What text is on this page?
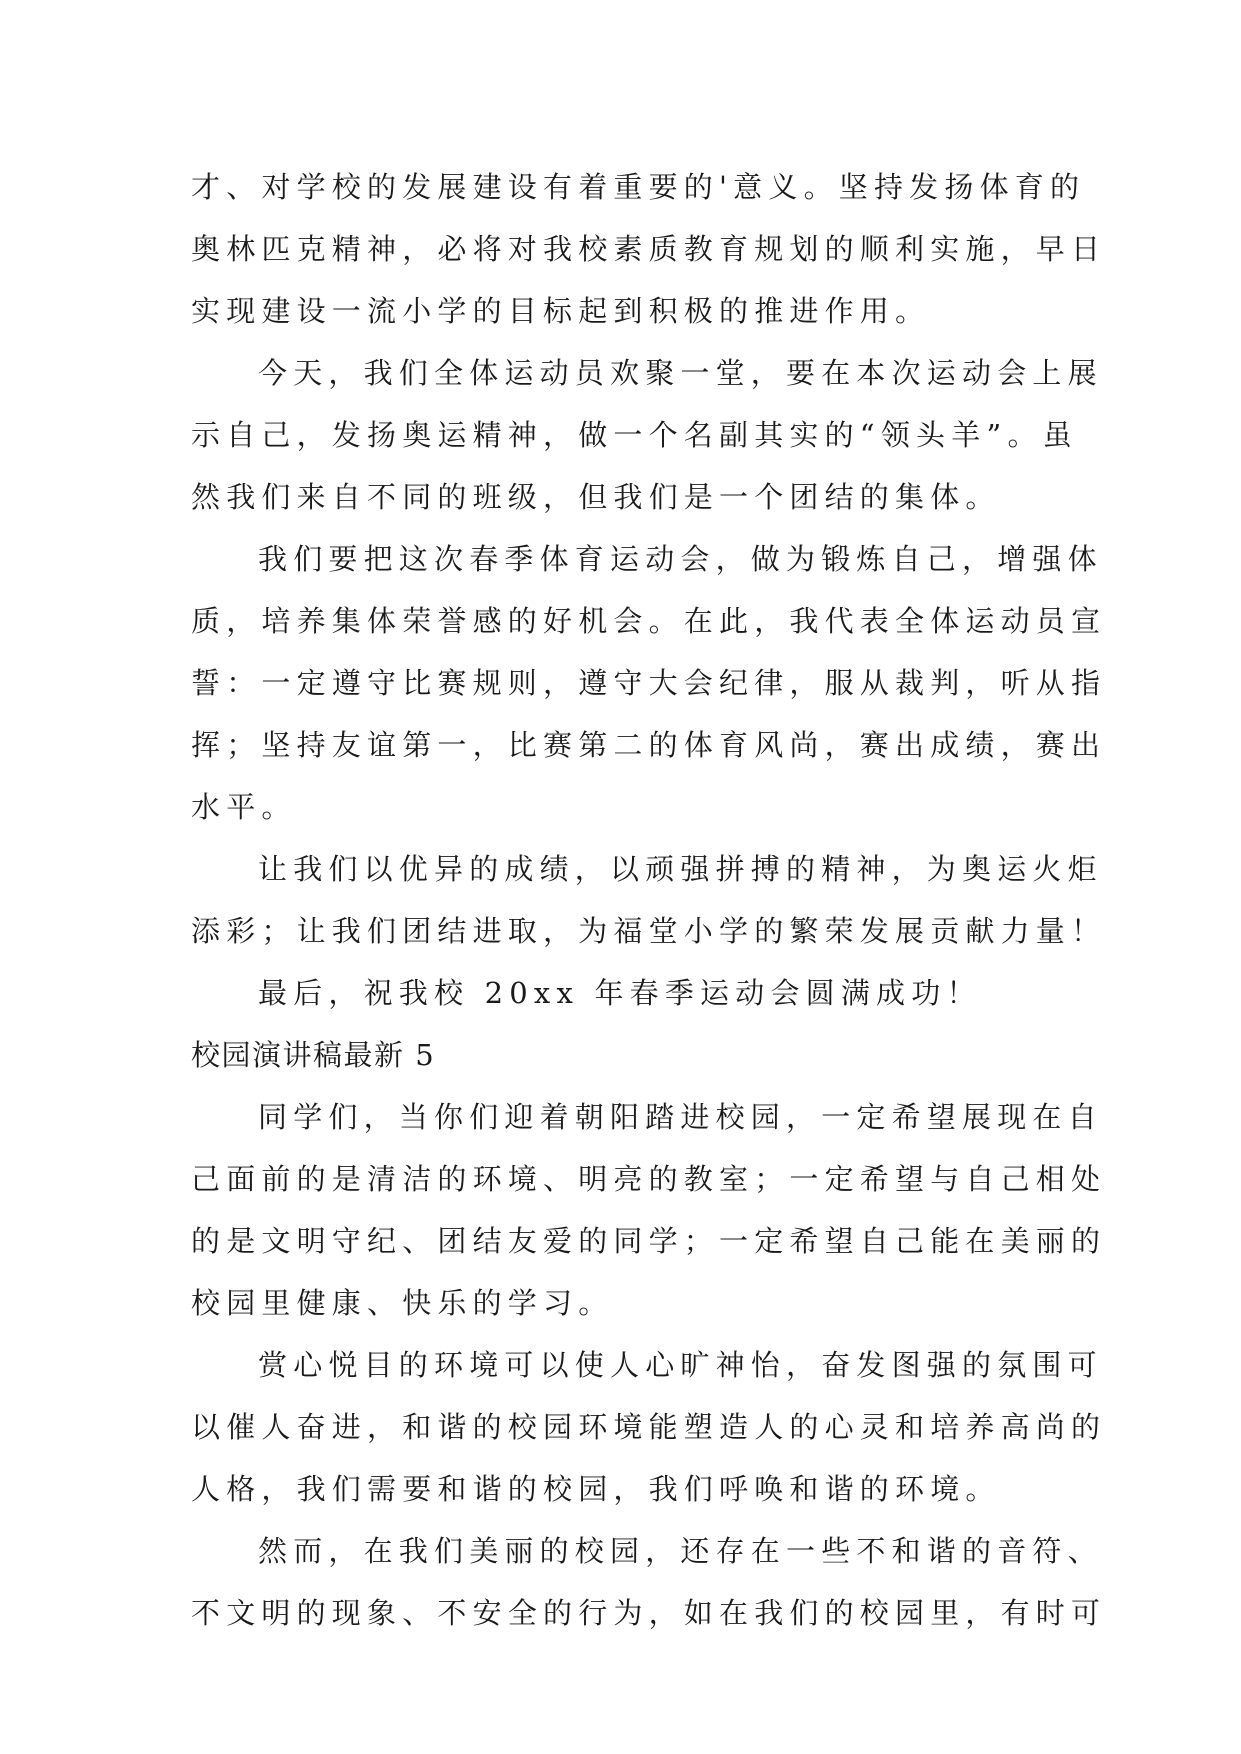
才、对学校的发展建设有着重要的'意义。坚持发扬体育的
奥林匹克精神，必将对我校素质教育规划的顺利实施，早日
实现建设一流小学的目标起到积极的推进作用。
今天，我们全体运动员欢聚一堂，要在本次运动会上展
示自己，发扬奥运精神，做一个名副其实的“领头羊”。虽
然我们来自不同的班级，但我们是一个团结的集体。
我们要把这次春季体育运动会，做为锻炼自己，增强体
质，培养集体荣誉感的好机会。在此，我代表全体运动员宣
誓：一定遵守比赛规则，遵守大会纪律，服从裁判，听从指
挥；坚持友谊第一，比赛第二的体育风尚，赛出成绩，赛出
水平。
让我们以优异的成绩，以顽强拼搏的精神，为奥运火炬
添彩；让我们团结进取，为福堂小学的繁荣发展贡献力量！
最后，祝我校 20xx 年春季运动会圆满成功！
校园演讲稿最新 5
同学们，当你们迎着朝阳踏进校园，一定希望展现在自
己面前的是清洁的环境、明亮的教室；一定希望与自己相处
的是文明守纪、团结友爱的同学；一定希望自己能在美丽的
校园里健康、快乐的学习。
赏心悦目的环境可以使人心旷神怡，奋发图强的氛围可
以催人奋进，和谐的校园环境能塑造人的心灵和培养高尚的
人格，我们需要和谐的校园，我们呼唤和谐的环境。
然而，在我们美丽的校园，还存在一些不和谐的音符、
不文明的现象、不安全的行为，如在我们的校园里，有时可
